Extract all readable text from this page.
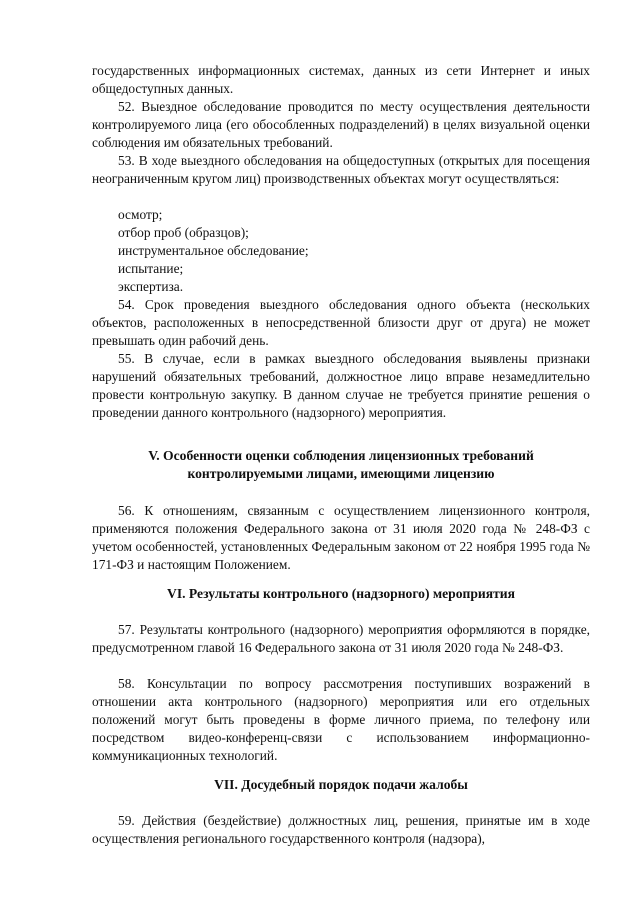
государственных информационных системах, данных из сети Интернет и иных общедоступных данных.

52. Выездное обследование проводится по месту осуществления деятельности контролируемого лица (его обособленных подразделений) в целях визуальной оценки соблюдения им обязательных требований.

53. В ходе выездного обследования на общедоступных (открытых для посещения неограниченным кругом лиц) производственных объектах могут осуществляться:

осмотр;

отбор проб (образцов);

инструментальное обследование;

испытание;

экспертиза.

54. Срок проведения выездного обследования одного объекта (нескольких объектов, расположенных в непосредственной близости друг от друга) не может превышать один рабочий день.

55. В случае, если в рамках выездного обследования выявлены признаки нарушений обязательных требований, должностное лицо вправе незамедлительно провести контрольную закупку. В данном случае не требуется принятие решения о проведении данного контрольного (надзорного) мероприятия.

V. Особенности оценки соблюдения лицензионных требований

контролируемыми лицами, имеющими лицензию

56. К отношениям, связанным с осуществлением лицензионного контроля, применяются положения Федерального закона от 31 июля 2020 года № 248-ФЗ с учетом особенностей, установленных Федеральным законом от 22 ноября 1995 года № 171-ФЗ и настоящим Положением.

VI. Результаты контрольного (надзорного) мероприятия

57. Результаты контрольного (надзорного) мероприятия оформляются в порядке, предусмотренном главой 16 Федерального закона от 31 июля 2020 года № 248-ФЗ.

58. Консультации по вопросу рассмотрения поступивших возражений в отношении акта контрольного (надзорного) мероприятия или его отдельных положений могут быть проведены в форме личного приема, по телефону или посредством видео-конференц-связи с использованием информационно-коммуникационных технологий.

VII. Досудебный порядок подачи жалобы

59. Действия (бездействие) должностных лиц, решения, принятые им в ходе осуществления регионального государственного контроля (надзора),
